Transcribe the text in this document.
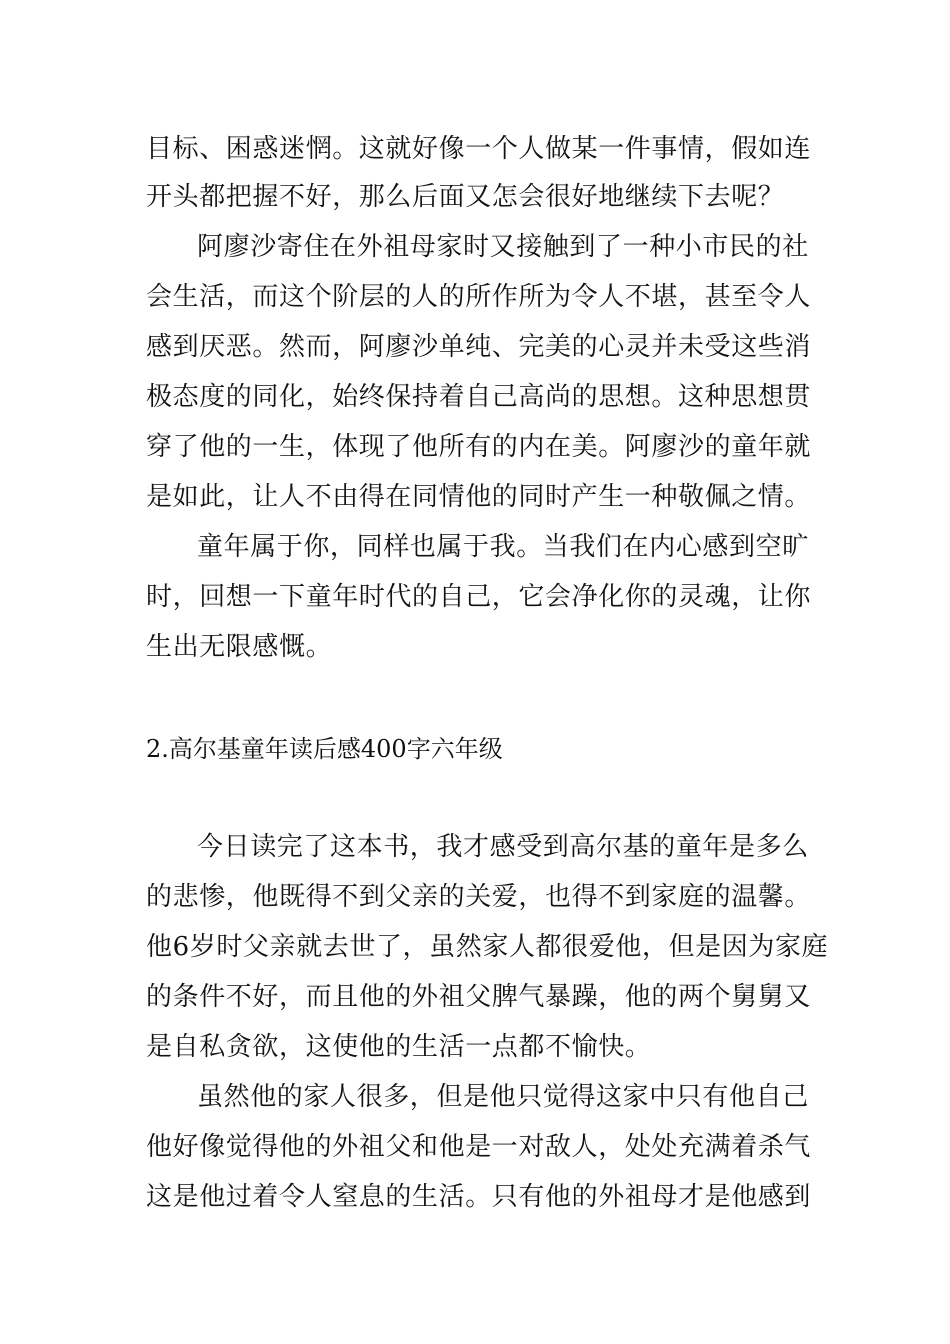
目标、困惑迷惘。这就好像一个人做某一件事情，假如连
开头都把握不好，那么后面又怎会很好地继续下去呢？
阿廖沙寄住在外祖母家时又接触到了一种小市民的社
会生活，而这个阶层的人的所作所为令人不堪，甚至令人
感到厌恶。然而，阿廖沙单纯、完美的心灵并未受这些消
极态度的同化，始终保持着自己高尚的思想。这种思想贯
穿了他的一生，体现了他所有的内在美。阿廖沙的童年就
是如此，让人不由得在同情他的同时产生一种敬佩之情。
童年属于你，同样也属于我。当我们在内心感到空旷
时，回想一下童年时代的自己，它会净化你的灵魂，让你
生出无限感慨。
2.高尔基童年读后感400字六年级
今日读完了这本书，我才感受到高尔基的童年是多么
的悲惨，他既得不到父亲的关爱，也得不到家庭的温馨。
他6岁时父亲就去世了，虽然家人都很爱他，但是因为家庭
的条件不好，而且他的外祖父脾气暴躁，他的两个舅舅又
是自私贪欲，这使他的生活一点都不愉快。
虽然他的家人很多，但是他只觉得这家中只有他自己
他好像觉得他的外祖父和他是一对敌人，处处充满着杀气
这是他过着令人窒息的生活。只有他的外祖母才是他感到
